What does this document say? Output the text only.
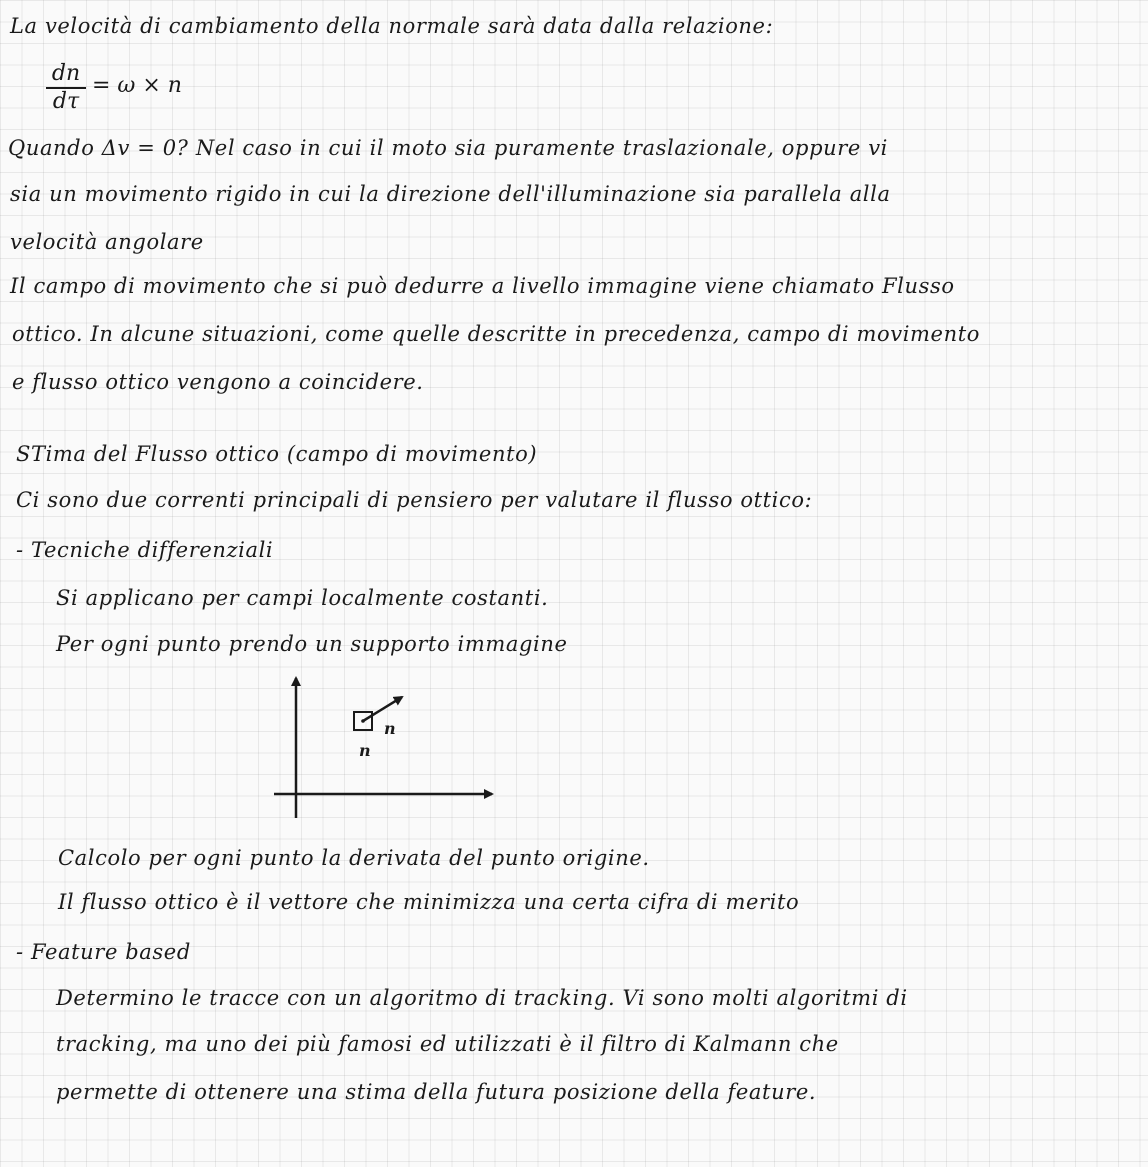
La velocità di cambiamento della normale sarà data dalla relazione:
$\frac{dn}{d\tau} = \omega \times n$
Quando Δv = 0? Nel caso in cui il moto sia puramente traslazionale, oppure vi
sia un movimento rigido in cui la direzione dell'illuminazione sia parallela alla
velocità angolare
Il campo di movimento che si può dedurre a livello immagine viene chiamato Flusso
ottico. In alcune situazioni, come quelle descritte in precedenza, campo di movimento
e flusso ottico vengono a coincidere.
STima del Flusso ottico (campo di movimento)
Ci sono due correnti principali di pensiero per valutare il flusso ottico:
- Tecniche differenziali
Si applicano per campi localmente costanti.
Per ogni punto prendo un supporto immagine
n
n
Calcolo per ogni punto la derivata del punto origine.
Il flusso ottico è il vettore che minimizza una certa cifra di merito
- Feature based
Determino le tracce con un algoritmo di tracking. Vi sono molti algoritmi di
tracking, ma uno dei più famosi ed utilizzati è il filtro di Kalmann che
permette di ottenere una stima della futura posizione della feature.
